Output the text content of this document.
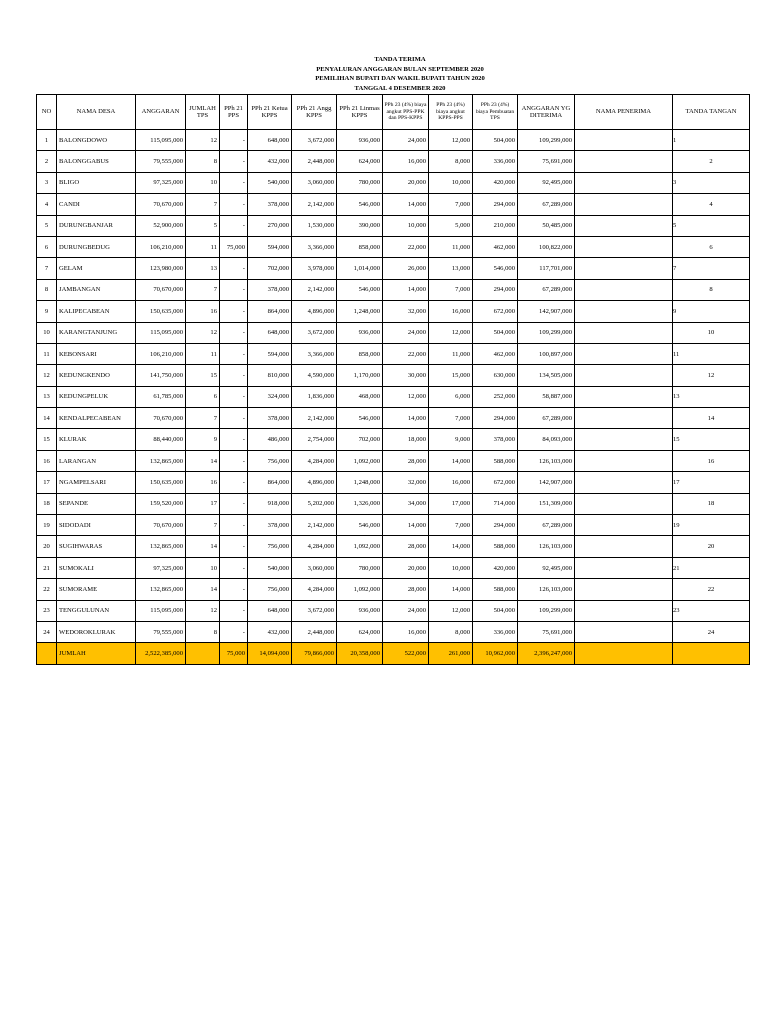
TANDA TERIMA
PENYALURAN ANGGARAN BULAN SEPTEMBER 2020
PEMILIHAN BUPATI DAN WAKIL BUPATI TAHUN 2020
TANGGAL 4 DESEMBER 2020
NO	NAMA DESA	ANGGARAN	JUMLAH TPS	PPh 21 PPS	PPh 21 Ketua KPPS	PPh 21 Angg KPPS	PPh 21 Linmas KPPS	PPh 23 (4%) biaya angkut PPS-PPK dan PPS-KPPS	PPh 23 (4%) biaya angkut KPPS-PPS	PPh 23 (4%) biaya Pembuatan TPS	ANGGARAN YG DITERIMA	NAMA PENERIMA	TANDA TANGAN
1	BALONGDOWO	115,095,000	12	-	648,000	3,672,000	936,000	24,000	12,000	504,000	109,299,000		1
2	BALONGGABUS	79,555,000	8	-	432,000	2,448,000	624,000	16,000	8,000	336,000	75,691,000		2
3	BLIGO	97,325,000	10	-	540,000	3,060,000	780,000	20,000	10,000	420,000	92,495,000		3
4	CANDI	70,670,000	7	-	378,000	2,142,000	546,000	14,000	7,000	294,000	67,289,000		4
5	DURUNGBANJAR	52,900,000	5	-	270,000	1,530,000	390,000	10,000	5,000	210,000	50,485,000		5
6	DURUNGBEDUG	106,210,000	11	75,000	594,000	3,366,000	858,000	22,000	11,000	462,000	100,822,000		6
7	GELAM	123,980,000	13	-	702,000	3,978,000	1,014,000	26,000	13,000	546,000	117,701,000		7
8	JAMBANGAN	70,670,000	7	-	378,000	2,142,000	546,000	14,000	7,000	294,000	67,289,000		8
9	KALIPECABEAN	150,635,000	16	-	864,000	4,896,000	1,248,000	32,000	16,000	672,000	142,907,000		9
10	KARANGTANJUNG	115,095,000	12	-	648,000	3,672,000	936,000	24,000	12,000	504,000	109,299,000		10
11	KEBONSARI	106,210,000	11	-	594,000	3,366,000	858,000	22,000	11,000	462,000	100,897,000		11
12	KEDUNGKENDO	141,750,000	15	-	810,000	4,590,000	1,170,000	30,000	15,000	630,000	134,505,000		12
13	KEDUNGPELUK	61,785,000	6	-	324,000	1,836,000	468,000	12,000	6,000	252,000	58,887,000		13
14	KENDALPECABEAN	70,670,000	7	-	378,000	2,142,000	546,000	14,000	7,000	294,000	67,289,000		14
15	KLURAK	88,440,000	9	-	486,000	2,754,000	702,000	18,000	9,000	378,000	84,093,000		15
16	LARANGAN	132,865,000	14	-	756,000	4,284,000	1,092,000	28,000	14,000	588,000	126,103,000		16
17	NGAMPELSARI	150,635,000	16	-	864,000	4,896,000	1,248,000	32,000	16,000	672,000	142,907,000		17
18	SEPANDE	159,520,000	17	-	918,000	5,202,000	1,326,000	34,000	17,000	714,000	151,309,000		18
19	SIDODADI	70,670,000	7	-	378,000	2,142,000	546,000	14,000	7,000	294,000	67,289,000		19
20	SUGIHWARAS	132,865,000	14	-	756,000	4,284,000	1,092,000	28,000	14,000	588,000	126,103,000		20
21	SUMOKALI	97,325,000	10	-	540,000	3,060,000	780,000	20,000	10,000	420,000	92,495,000		21
22	SUMORAME	132,865,000	14	-	756,000	4,284,000	1,092,000	28,000	14,000	588,000	126,103,000		22
23	TENGGULUNAN	115,095,000	12	-	648,000	3,672,000	936,000	24,000	12,000	504,000	109,299,000		23
24	WEDOROKLURAK	79,555,000	8	-	432,000	2,448,000	624,000	16,000	8,000	336,000	75,691,000		24
	JUMLAH	2,522,385,000		75,000	14,094,000	79,866,000	20,358,000	522,000	261,000	10,962,000	2,396,247,000		
